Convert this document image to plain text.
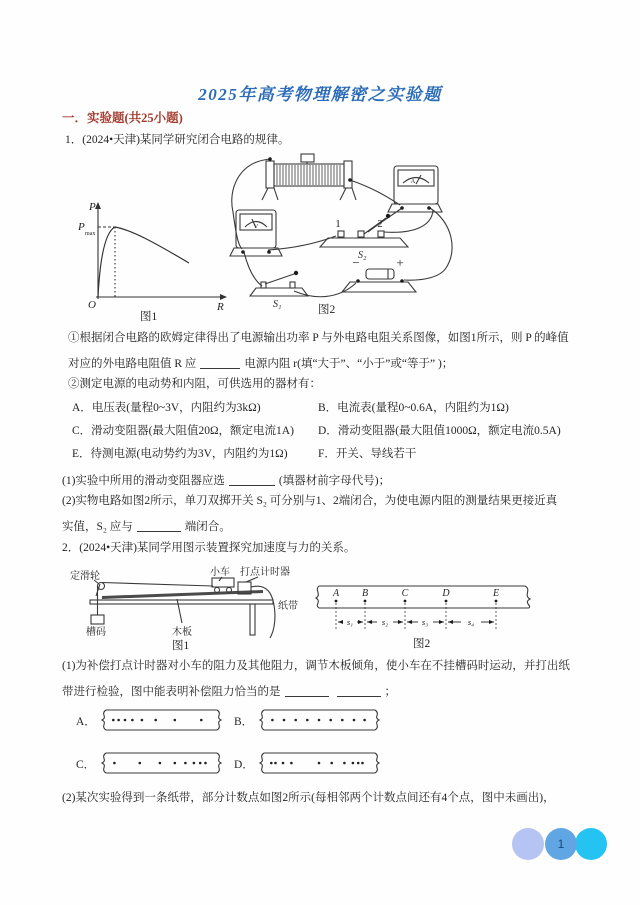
2025年高考物理解密之实验题
一．实验题(共25小题)
1．(2024•天津)某同学研究闭合电路的规律。
P
P
max
O	R
图1
A
V	1	2
S₂
S₁
−	+
图2
①根据闭合电路的欧姆定律得出了电源输出功率 P 与外电路电阻关系图像，如图1所示，则 P 的峰值
对应的外电路电阻值 R 应	电源内阻 r(填“大于”、“小于”或“等于” )；
②测定电源的电动势和内阻，可供选用的器材有：
A．电压表(量程0~3V，内阻约为3kΩ)	B．电流表(量程0~0.6A，内阻约为1Ω)
C．滑动变阻器(最大阻值20Ω，额定电流1A) D．滑动变阻器(最大阻值1000Ω，额定电流0.5A)
E．待测电源(电动势约为3V，内阻约为1Ω)	F．开关、导线若干
(1)实验中所用的滑动变阻器应选	(填器材前字母代号)；
(2)实物电路如图2所示，单刀双掷开关 S₂ 可分别与1、2端闭合，为使电源内阻的测量结果更接近真
实值，S₂ 应与	端闭合。
2．(2024•天津)某同学用图示装置探究加速度与力的关系。
定滑轮	小车 打点计时器
纸带
木板
槽码
图1
A B	C	D	E
s₁	s₂	s₃	s₄
图2
(1)为补偿打点计时器对小车的阻力及其他阻力，调节木板倾角，使小车在不挂槽码时运动，并打出纸
带进行检验，图中能表明补偿阻力恰当的是	；
A．	B．
C．	D．
(2)某次实验得到一条纸带，部分计数点如图2所示(每相邻两个计数点间还有4个点，图中未画出)，
1
